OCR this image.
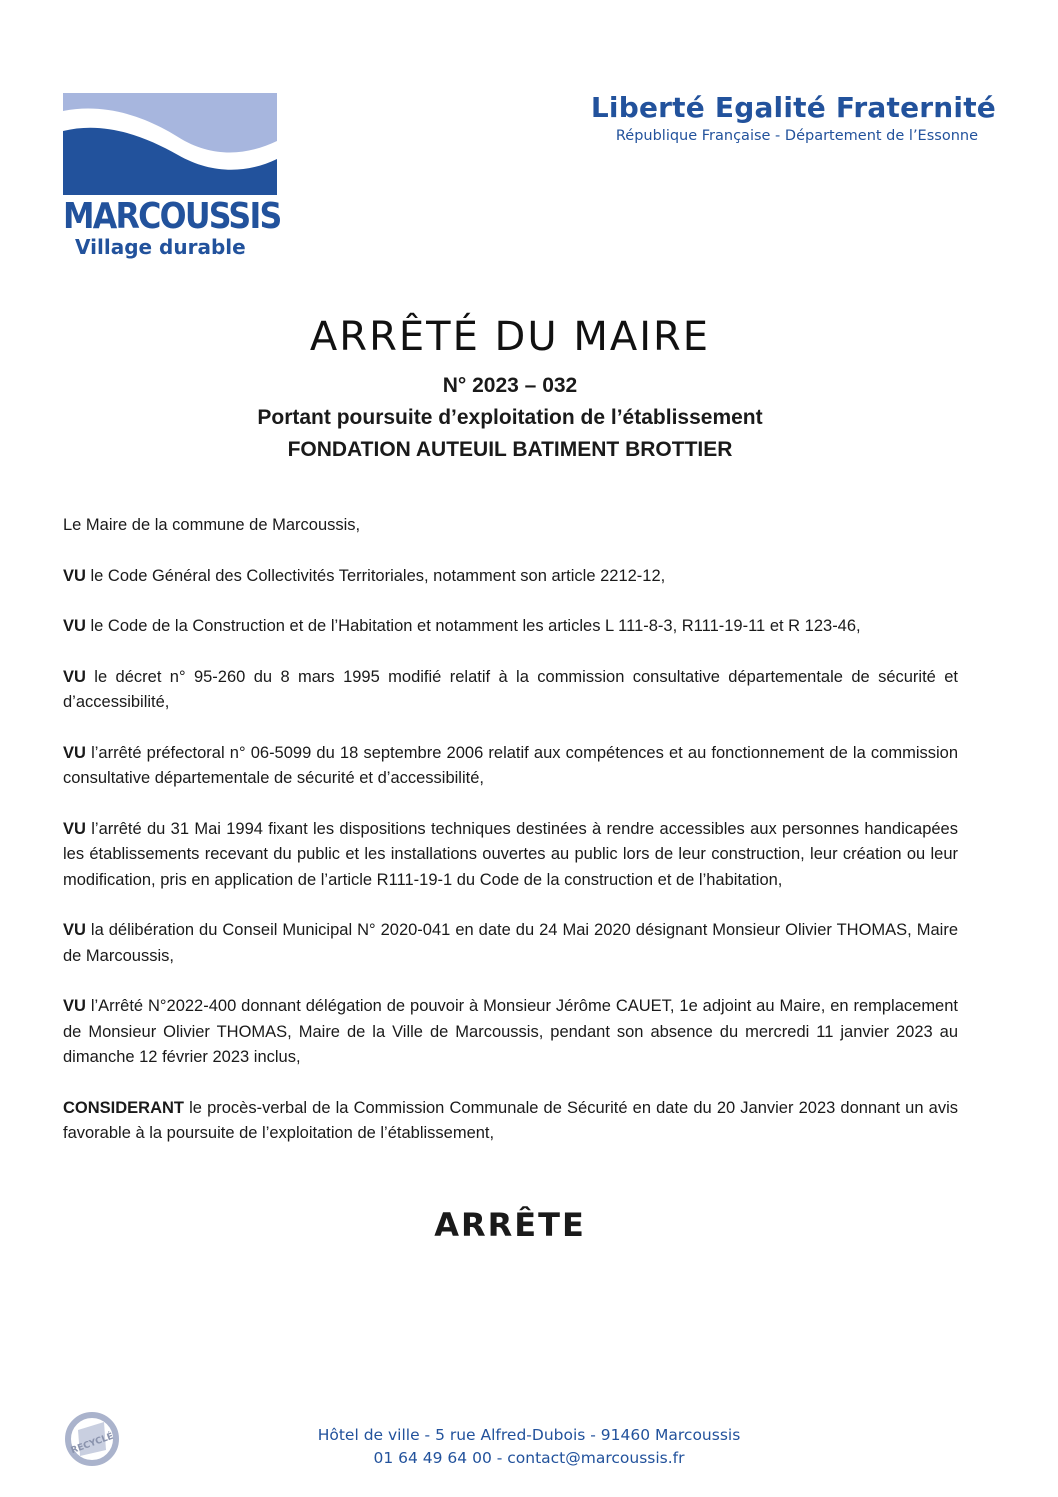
MARCOUSSIS
Village durable
Liberté Egalité Fraternité
République Française - Département de l’Essonne
ARRÊTÉ DU MAIRE
N° 2023 – 032
Portant poursuite d’exploitation de l’établissement
FONDATION AUTEUIL BATIMENT BROTTIER

Le Maire de la commune de Marcoussis,

VU le Code Général des Collectivités Territoriales, notamment son article 2212-12,

VU le Code de la Construction et de l’Habitation et notamment les articles L 111-8-3, R111-19-11 et R 123-46,

VU le décret n° 95-260 du 8 mars 1995 modifié relatif à la commission consultative départementale de sécurité et d’accessibilité,

VU l’arrêté préfectoral n° 06-5099 du 18 septembre 2006 relatif aux compétences et au fonctionnement de la commission consultative départementale de sécurité et d’accessibilité,

VU l’arrêté du 31 Mai 1994 fixant les dispositions techniques destinées à rendre accessibles aux personnes handicapées les établissements recevant du public et les installations ouvertes au public lors de leur construction, leur création ou leur modification, pris en application de l’article R111-19-1 du Code de la construction et de l’habitation,

VU la délibération du Conseil Municipal N° 2020-041 en date du 24 Mai 2020 désignant Monsieur Olivier THOMAS, Maire de Marcoussis,

VU l’Arrêté N°2022-400 donnant délégation de pouvoir à Monsieur Jérôme CAUET, 1e adjoint au Maire, en remplacement de Monsieur Olivier THOMAS, Maire de la Ville de Marcoussis, pendant son absence du mercredi 11 janvier 2023 au dimanche 12 février 2023 inclus,

CONSIDERANT le procès-verbal de la Commission Communale de Sécurité en date du 20 Janvier 2023 donnant un avis favorable à la poursuite de l’exploitation de l’établissement,

ARRÊTE
RECYCLÉ	Hôtel de ville - 5 rue Alfred-Dubois - 91460 Marcoussis
01 64 49 64 00 - contact@marcoussis.fr
